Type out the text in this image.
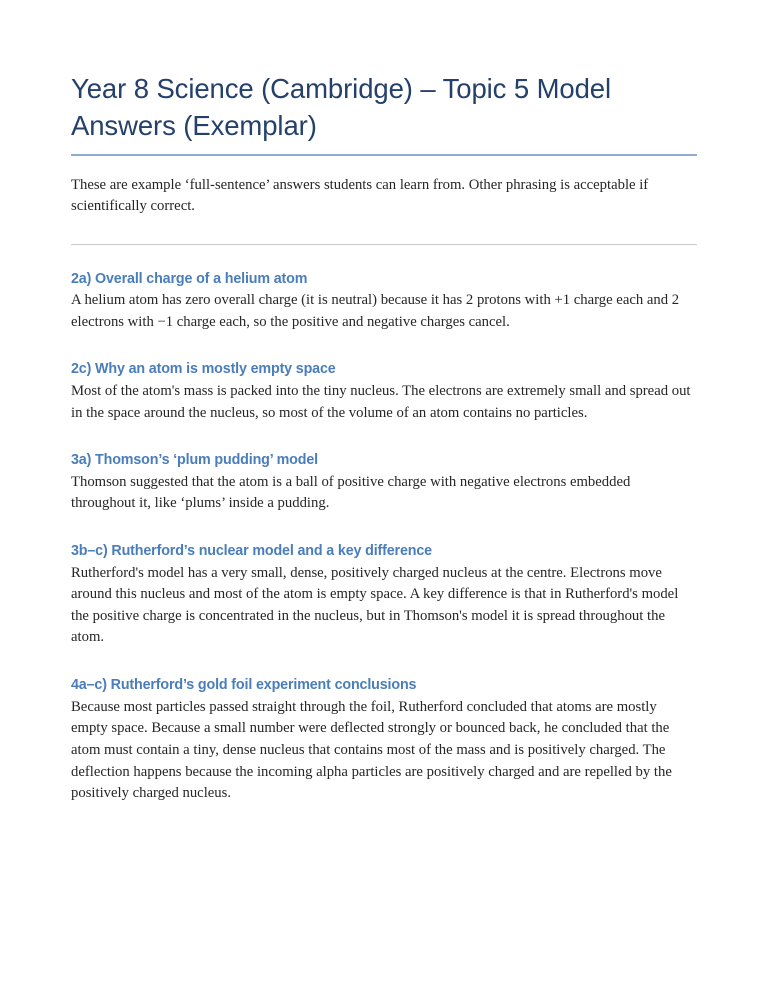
Year 8 Science (Cambridge) – Topic 5 Model Answers (Exemplar)

These are example ‘full-sentence’ answers students can learn from. Other phrasing is acceptable if scientifically correct.

2a) Overall charge of a helium atom

A helium atom has zero overall charge (it is neutral) because it has 2 protons with +1 charge each and 2 electrons with −1 charge each, so the positive and negative charges cancel.

2c) Why an atom is mostly empty space

Most of the atom's mass is packed into the tiny nucleus. The electrons are extremely small and spread out in the space around the nucleus, so most of the volume of an atom contains no particles.

3a) Thomson’s ‘plum pudding’ model

Thomson suggested that the atom is a ball of positive charge with negative electrons embedded throughout it, like ‘plums’ inside a pudding.

3b–c) Rutherford’s nuclear model and a key difference

Rutherford's model has a very small, dense, positively charged nucleus at the centre. Electrons move around this nucleus and most of the atom is empty space. A key difference is that in Rutherford's model the positive charge is concentrated in the nucleus, but in Thomson's model it is spread throughout the atom.

4a–c) Rutherford’s gold foil experiment conclusions

Because most particles passed straight through the foil, Rutherford concluded that atoms are mostly empty space. Because a small number were deflected strongly or bounced back, he concluded that the atom must contain a tiny, dense nucleus that contains most of the mass and is positively charged. The deflection happens because the incoming alpha particles are positively charged and are repelled by the positively charged nucleus.
